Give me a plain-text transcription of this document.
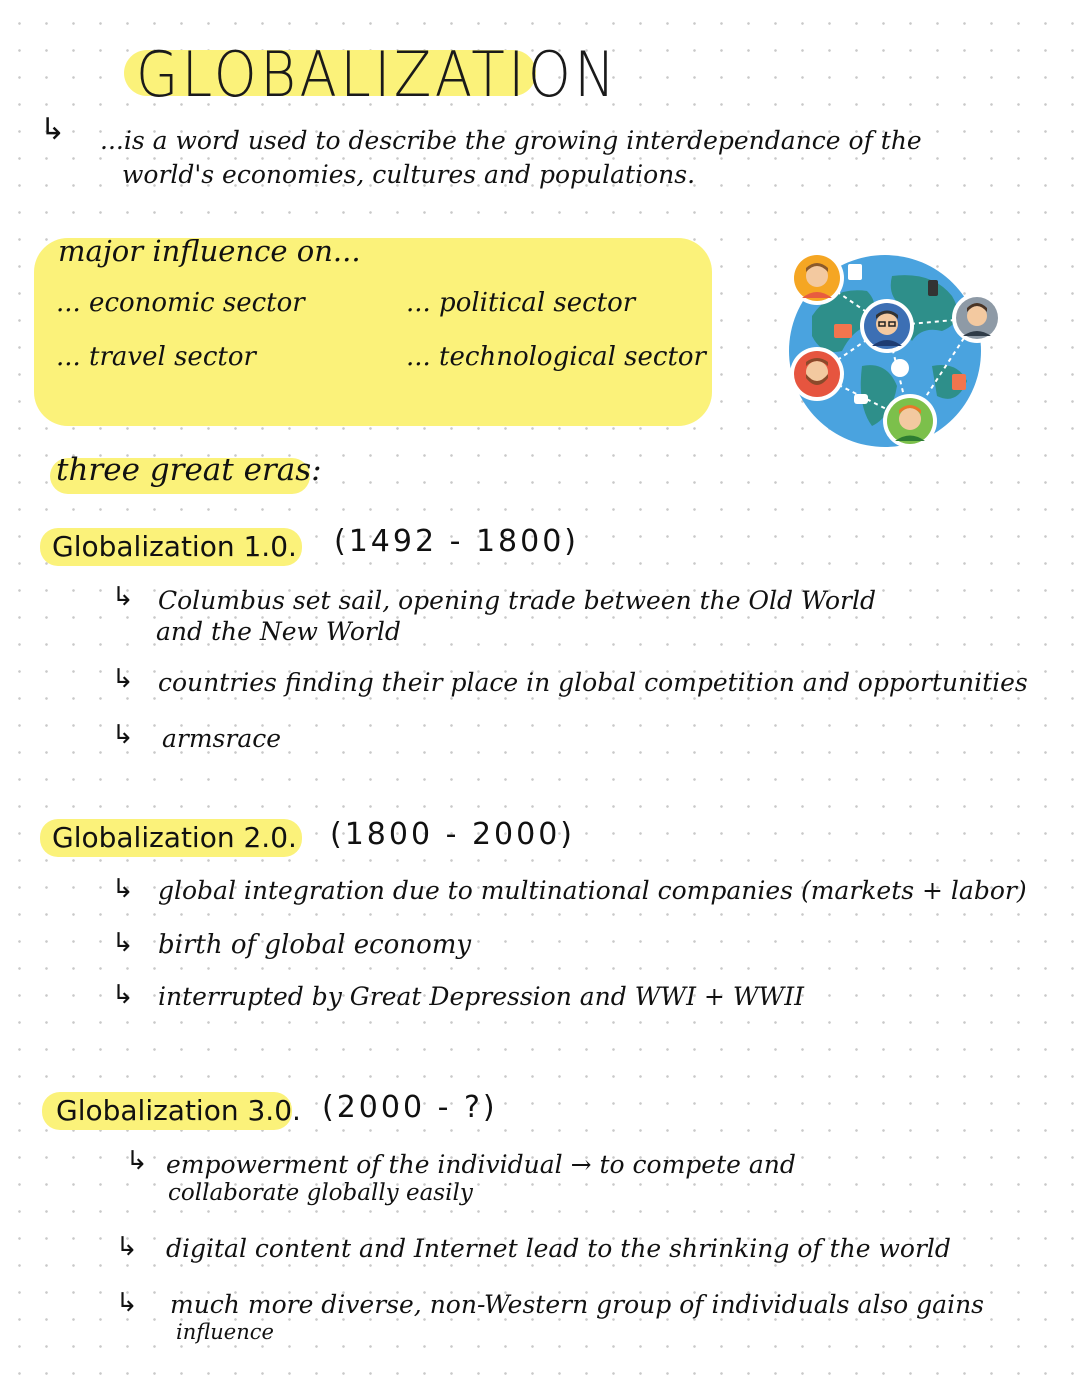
GLOBALIZATION
↳ ...is a word used to describe the growing interdependance of the
world's economies, cultures and populations.
major influence on...
... economic sector	... political sector
... travel sector	... technological sector
three great eras:
Globalization 1.0. (1492 - 1800)
↳ Columbus set sail, opening trade between the Old World
and the New World
↳ countries finding their place in global competition and opportunities
↳ armsrace
Globalization 2.0. (1800 - 2000)
↳ global integration due to multinational companies (markets + labor)
↳ birth of global economy
↳ interrupted by Great Depression and WWI + WWII
Globalization 3.0. (2000 - ?)
↳ empowerment of the individual → to compete and
collaborate globally easily
↳ digital content and Internet lead to the shrinking of the world
↳ much more diverse, non-Western group of individuals also gains
influence
